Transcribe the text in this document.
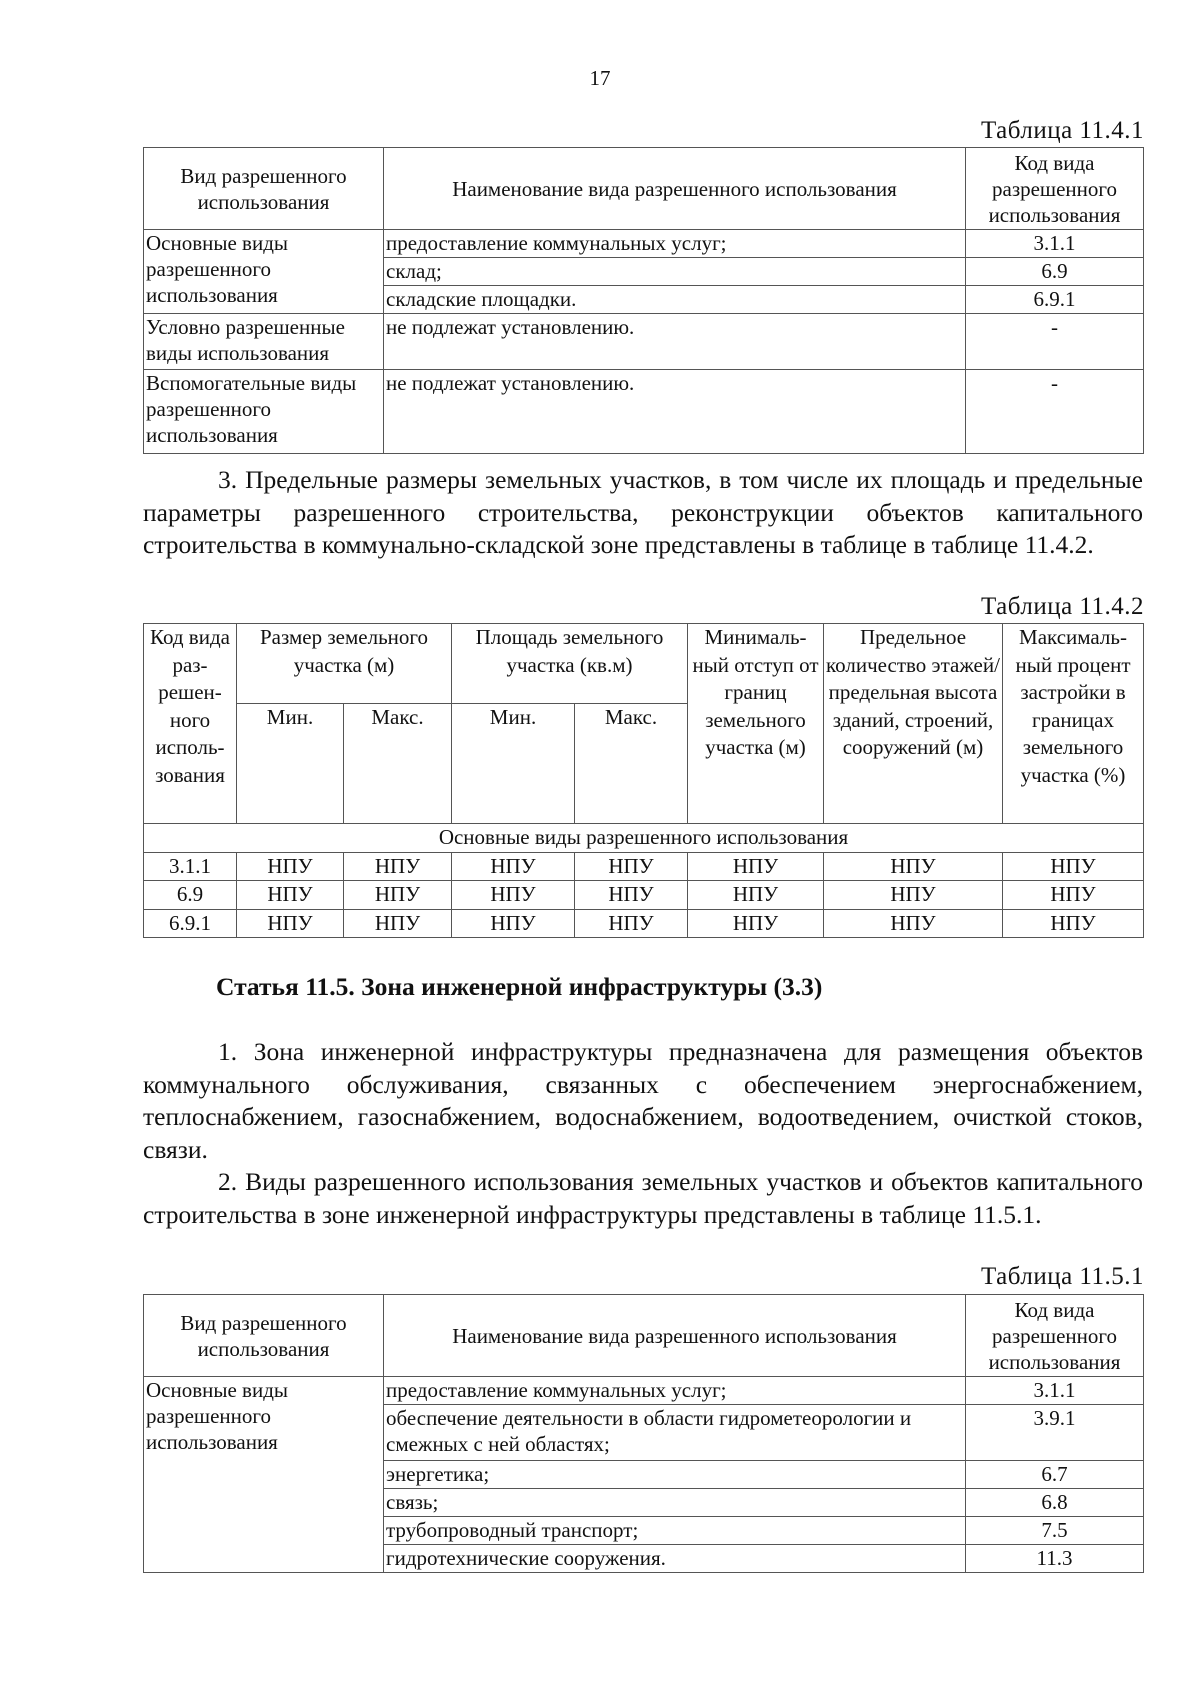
17
Таблица 11.4.1
Вид разрешенного использования	Наименование вида разрешенного использования	Код вида разрешенного использования
Основные виды разрешенного использования	предоставление коммунальных услуг;	3.1.1
	склад;	6.9
	складские площадки.	6.9.1
Условно разрешенные виды использования	не подлежат установлению.	-
Вспомогательные виды разрешенного использования	не подлежат установлению.	-
3. Предельные размеры земельных участков, в том числе их площадь и предельные параметры разрешенного строительства, реконструкции объектов капитального строительства в коммунально-складской зоне представлены в таблице в таблице 11.4.2.
Таблица 11.4.2
Код вида раз-решен-ного исполь-зования	Размер земельного участка (м)		Площадь земельного участка (кв.м)		Минималь-ный отступ от границ земельного участка (м)	Предельное количество этажей/ предельная высота зданий, строений, сооружений (м)	Максималь-ный процент застройки в границах земельного участка (%)
	Мин.	Макс.	Мин.	Макс.			
Основные виды разрешенного использования							
3.1.1	НПУ	НПУ	НПУ	НПУ	НПУ	НПУ	НПУ
6.9	НПУ	НПУ	НПУ	НПУ	НПУ	НПУ	НПУ
6.9.1	НПУ	НПУ	НПУ	НПУ	НПУ	НПУ	НПУ
Статья 11.5. Зона инженерной инфраструктуры (3.3)
1. Зона инженерной инфраструктуры предназначена для размещения объектов коммунального обслуживания, связанных с обеспечением энергоснабжением, теплоснабжением, газоснабжением, водоснабжением, водоотведением, очисткой стоков, связи.
2. Виды разрешенного использования земельных участков и объектов капитального строительства в зоне инженерной инфраструктуры представлены в таблице 11.5.1.
Таблица 11.5.1
Вид разрешенного использования	Наименование вида разрешенного использования	Код вида разрешенного использования
Основные виды разрешенного использования	предоставление коммунальных услуг;	3.1.1
	обеспечение деятельности в области гидрометеорологии и смежных с ней областях;	3.9.1
	энергетика;	6.7
	связь;	6.8
	трубопроводный транспорт;	7.5
	гидротехнические сооружения.	11.3
